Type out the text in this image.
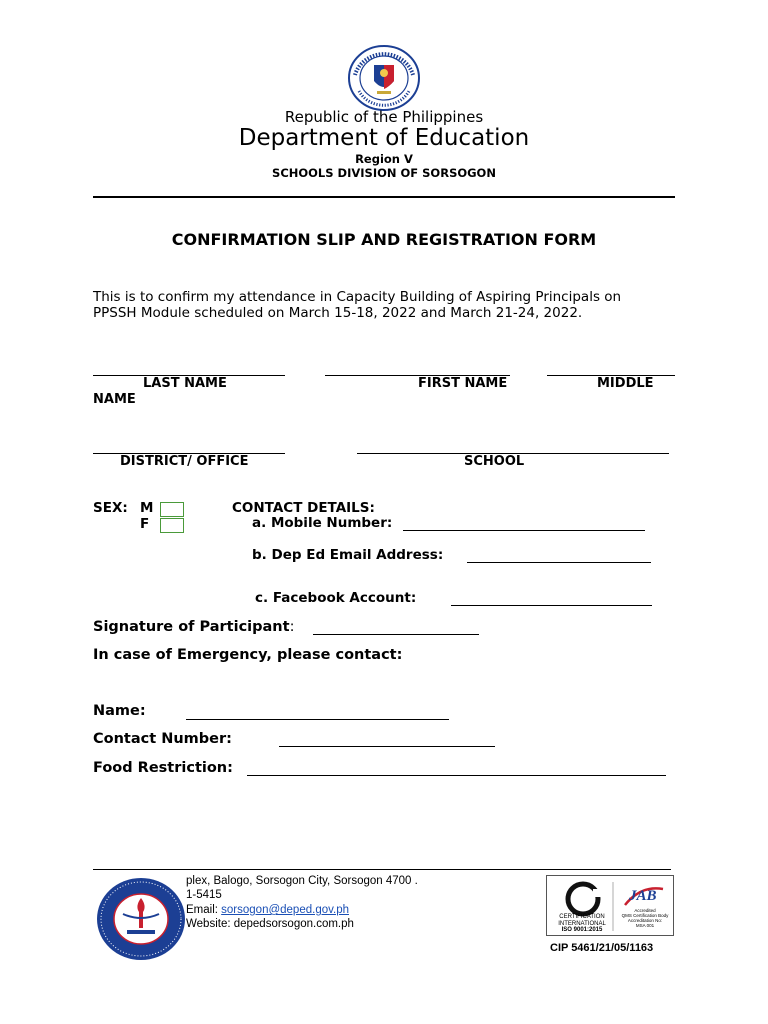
Republic of the Philippines
Department of Education
Region V
SCHOOLS DIVISION OF SORSOGON
CONFIRMATION SLIP AND REGISTRATION FORM
This is to confirm my attendance in Capacity Building of Aspiring Principals on
PPSSH Module scheduled on March 15-18, 2022 and March 21-24, 2022.
LAST NAME	FIRST NAME	MIDDLE
NAME
DISTRICT/ OFFICE	SCHOOL
SEX: M
F
CONTACT DETAILS:
a. Mobile Number:
b. Dep Ed Email Address:
c. Facebook Account:
Signature of Participant:
In case of Emergency, please contact:
Name:
Contact Number:
Food Restriction:
plex, Balogo, Sorsogon City, Sorsogon 4700 .
1-5415
Email: sorsogon@deped.gov.ph
Website: depedsorsogon.com.ph
CERTIFICATION
INTERNATIONAL
ISO 9001:2015
JAB
Accredited
QMS Certification Body
Accreditation No:
MSA 001
CIP 5461/21/05/1163
